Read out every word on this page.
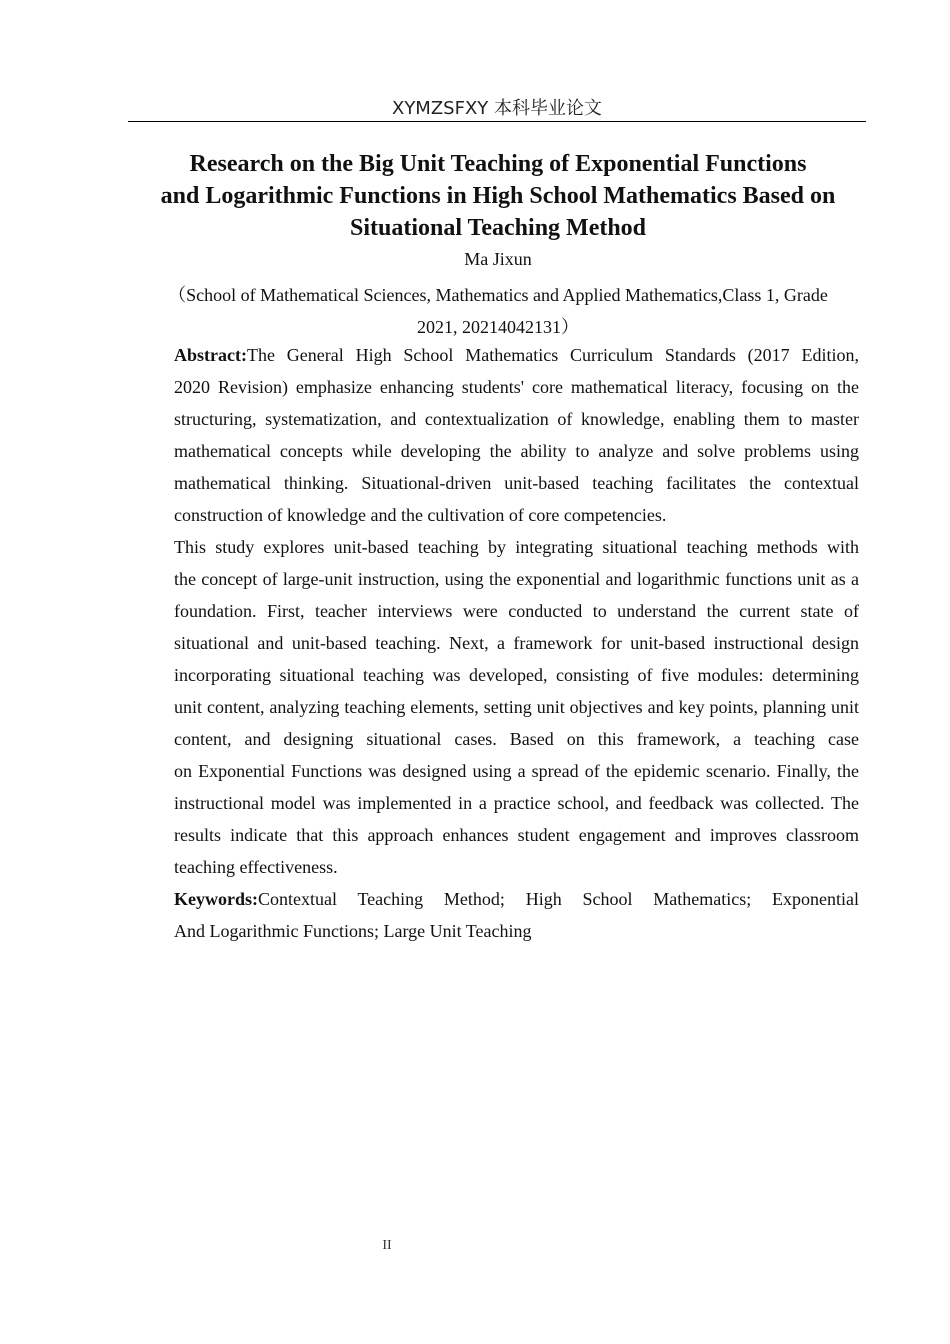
XYMZSFXY 本科毕业论文
Research on the Big Unit Teaching of Exponential Functions
and Logarithmic Functions in High School Mathematics Based on
Situational Teaching Method
Ma Jixun
（School of Mathematical Sciences, Mathematics and Applied Mathematics,Class 1, Grade
2021, 20214042131）

Abstract:The General High School Mathematics Curriculum Standards (2017 Edition,
2020 Revision) emphasize enhancing students' core mathematical literacy, focusing on the
structuring, systematization, and contextualization of knowledge, enabling them to master
mathematical concepts while developing the ability to analyze and solve problems using
mathematical thinking. Situational-driven unit-based teaching facilitates the contextual
construction of knowledge and the cultivation of core competencies.

This study explores unit-based teaching by integrating situational teaching methods with
the concept of large-unit instruction, using the exponential and logarithmic functions unit as a
foundation. First, teacher interviews were conducted to understand the current state of
situational and unit-based teaching. Next, a framework for unit-based instructional design
incorporating situational teaching was developed, consisting of five modules: determining
unit content, analyzing teaching elements, setting unit objectives and key points, planning unit
content, and designing situational cases. Based on this framework, a teaching case
on Exponential Functions was designed using a spread of the epidemic scenario. Finally, the
instructional model was implemented in a practice school, and feedback was collected. The
results indicate that this approach enhances student engagement and improves classroom
teaching effectiveness.

Keywords:Contextual Teaching Method; High School Mathematics; Exponential
And Logarithmic Functions; Large Unit Teaching

II
